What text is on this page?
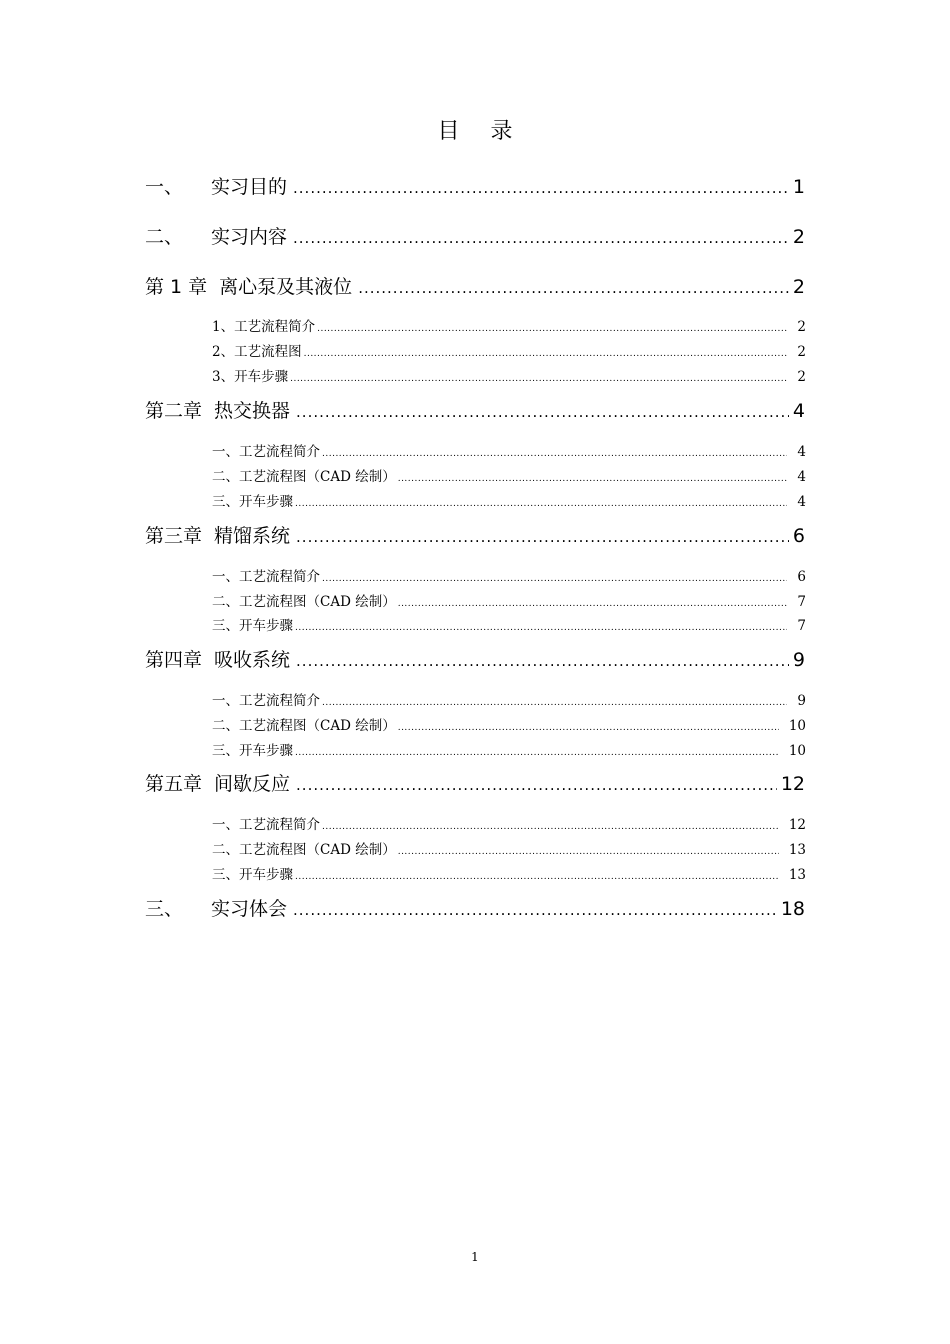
目 录
一、	实习目的 .....	1
二、	实习内容 .....	2
第 1 章 离心泵及其液位 .....	2
1、工艺流程简介 .....	2
2、工艺流程图 .....	2
3、开车步骤 .....	2
第二章 热交换器 .....	4
一、工艺流程简介 .....	4
二、工艺流程图（CAD 绘制） .....	4
三、开车步骤 .....	4
第三章 精馏系统 .....	6
一、工艺流程简介 .....	6
二、工艺流程图（CAD 绘制） .....	7
三、开车步骤 .....	7
第四章 吸收系统 .....	9
一、工艺流程简介 .....	9
二、工艺流程图（CAD 绘制） .....	10
三、开车步骤 .....	10
第五章 间歇反应 .....	12
一、工艺流程简介 .....	12
二、工艺流程图（CAD 绘制） .....	13
三、开车步骤 .....	13
三、	实习体会 .....	18
1
